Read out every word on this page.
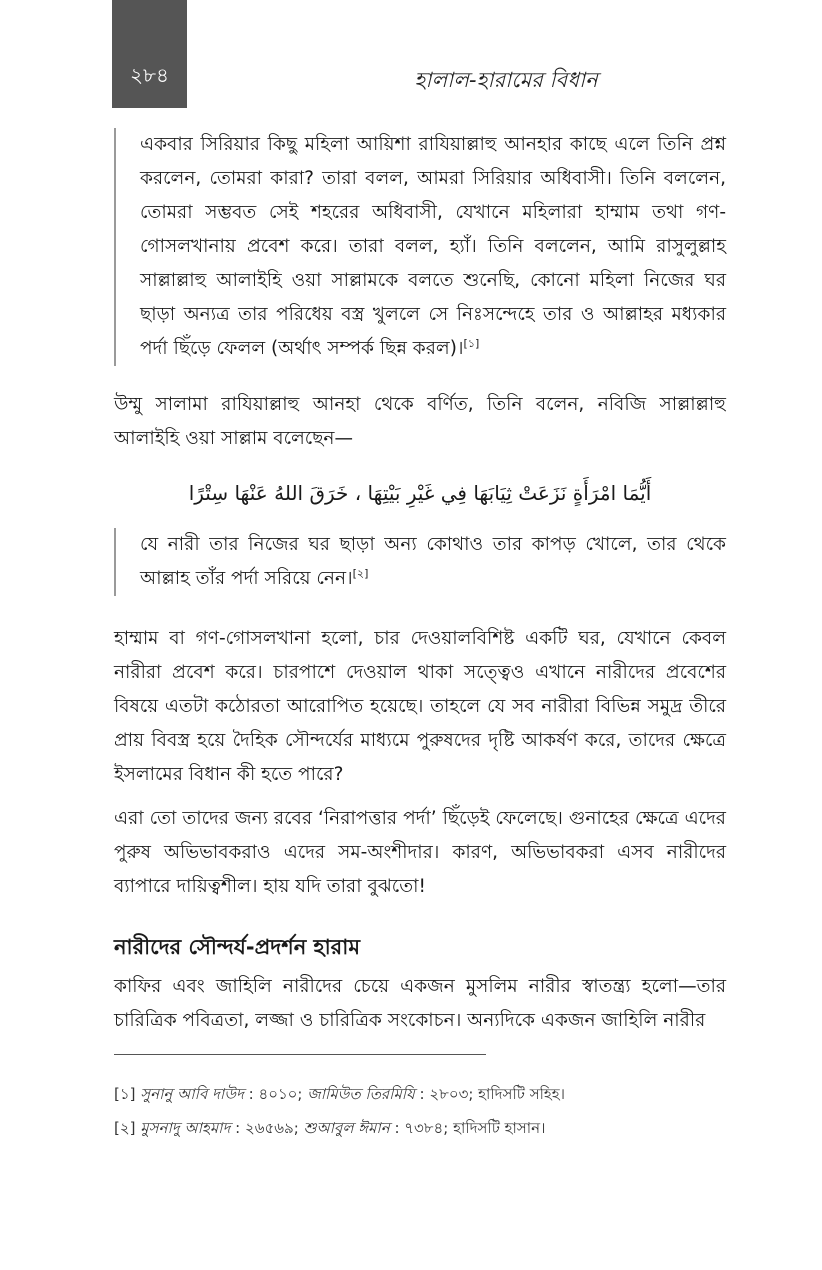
২৮৪	হালাল-হারামের বিধান

একবার সিরিয়ার কিছু মহিলা আয়িশা রাযিয়াল্লাহু আনহার কাছে এলে তিনি প্রশ্ন করলেন, তোমরা কারা? তারা বলল, আমরা সিরিয়ার অধিবাসী। তিনি বললেন, তোমরা সম্ভবত সেই শহরের অধিবাসী, যেখানে মহিলারা হাম্মাম তথা গণ-গোসলখানায় প্রবেশ করে। তারা বলল, হ্যাঁ। তিনি বললেন, আমি রাসুলুল্লাহ সাল্লাল্লাহু আলাইহি ওয়া সাল্লামকে বলতে শুনেছি, কোনো মহিলা নিজের ঘর ছাড়া অন্যত্র তার পরিধেয় বস্ত্র খুললে সে নিঃসন্দেহে তার ও আল্লাহর মধ্যকার পর্দা ছিঁড়ে ফেলল (অর্থাৎ সম্পর্ক ছিন্ন করল)।[১]

উম্মু সালামা রাযিয়াল্লাহু আনহা থেকে বর্ণিত, তিনি বলেন, নবিজি সাল্লাল্লাহু আলাইহি ওয়া সাল্লাম বলেছেন—

أَيُّمَا امْرَأَةٍ نَزَعَتْ ثِيَابَهَا فِي غَيْرِ بَيْتِهَا ، خَرَقَ اللهُ عَنْهَا سِتْرًا

যে নারী তার নিজের ঘর ছাড়া অন্য কোথাও তার কাপড় খোলে, তার থেকে আল্লাহ তাঁর পর্দা সরিয়ে নেন।[২]

হাম্মাম বা গণ-গোসলখানা হলো, চার দেওয়ালবিশিষ্ট একটি ঘর, যেখানে কেবল নারীরা প্রবেশ করে। চারপাশে দেওয়াল থাকা সত্ত্বেও এখানে নারীদের প্রবেশের বিষয়ে এতটা কঠোরতা আরোপিত হয়েছে। তাহলে যে সব নারীরা বিভিন্ন সমুদ্র তীরে প্রায় বিবস্ত্র হয়ে দৈহিক সৌন্দর্যের মাধ্যমে পুরুষদের দৃষ্টি আকর্ষণ করে, তাদের ক্ষেত্রে ইসলামের বিধান কী হতে পারে?

এরা তো তাদের জন্য রবের ‘নিরাপত্তার পর্দা’ ছিঁড়েই ফেলেছে। গুনাহের ক্ষেত্রে এদের পুরুষ অভিভাবকরাও এদের সম-অংশীদার। কারণ, অভিভাবকরা এসব নারীদের ব্যাপারে দায়িত্বশীল। হায় যদি তারা বুঝতো!

নারীদের সৌন্দর্য-প্রদর্শন হারাম

কাফির এবং জাহিলি নারীদের চেয়ে একজন মুসলিম নারীর স্বাতন্ত্র্য হলো—তার চারিত্রিক পবিত্রতা, লজ্জা ও চারিত্রিক সংকোচন। অন্যদিকে একজন জাহিলি নারীর

[১] সুনানু আবি দাউদ : ৪০১০; জামিউত তিরমিযি : ২৮০৩; হাদিসটি সহিহ।
[২] মুসনাদু আহমাদ : ২৬৫৬৯; শুআবুল ঈমান : ৭৩৮৪; হাদিসটি হাসান।
